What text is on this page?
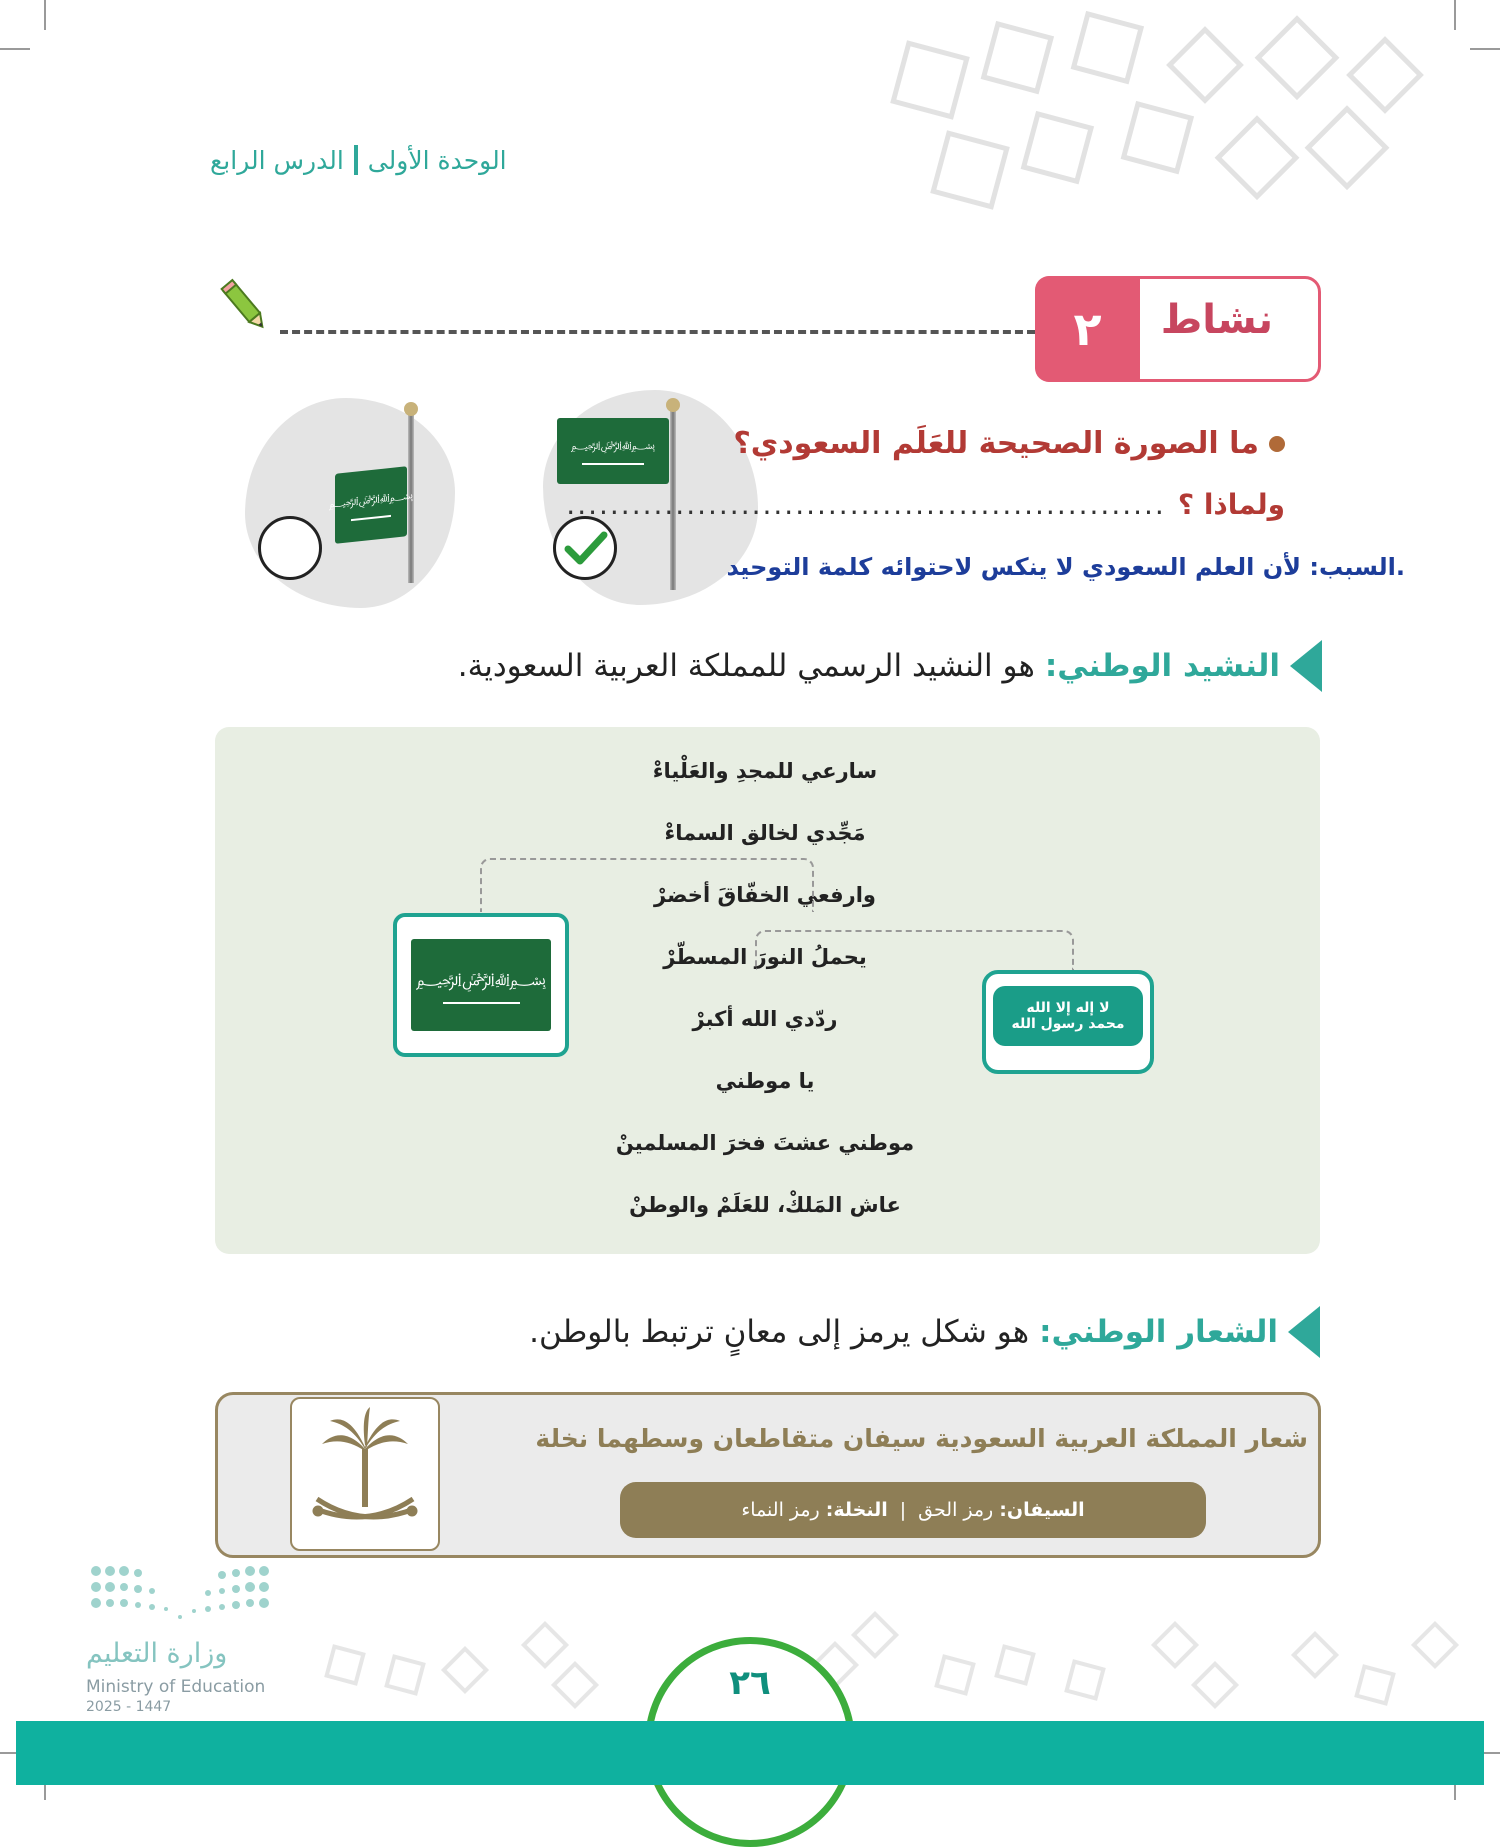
الوحدة الأولى
الدرس الرابع
٢	نشاط
﷽
﷽	ما الصورة الصحيحة للعَلَم السعودي؟
ولماذا ؟
.......................................................
.السبب: لأن العلم السعودي لا ينكس لاحتوائه كلمة التوحيد
النشيد الوطني:
هو النشيد الرسمي للمملكة العربية السعودية.
سارعي للمجدِ والعَلْياءْ
مَجِّدي لخالق السماءْ
وارفعي الخفّاقَ أخضرْ
يحملُ النورَ المسطّرْ
ردّدي الله أكبرْ
يا موطني
موطني عشتَ فخرَ المسلمينْ
عاش المَلكْ، للعَلَمْ والوطنْ
﷽
لا إله إلا الله
محمد رسول الله
الشعار الوطني:
هو شكل يرمز إلى معانٍ ترتبط بالوطن.
شعار المملكة العربية السعودية سيفان متقاطعان وسطهما نخلة
السيفان: رمز الحق
|
النخلة: رمز النماء
وزارة التعليم
Ministry of Education
2025 - 1447
٢٦
